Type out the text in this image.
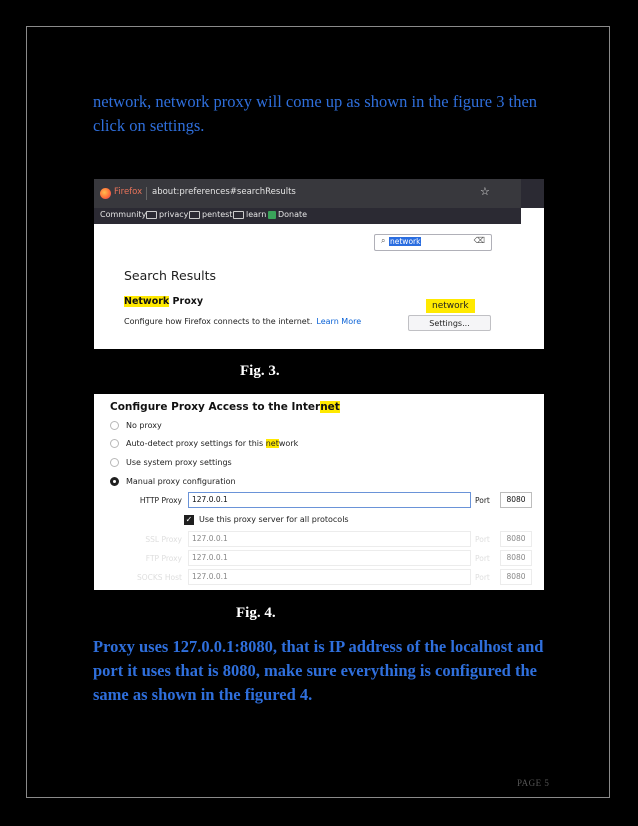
network, network proxy will come up as shown in the figure 3 then click on settings.

Firefox about:preferences#searchResults	☆
Community	privacy	pentest	learn	Donate
⌕ network	⌫
Search Results
Network Proxy
Configure how Firefox connects to the internet. Learn More
network
Settings...
Fig. 3.
Configure Proxy Access to the Internet
No proxy
Auto-detect proxy settings for this network
Use system proxy settings
Manual proxy configuration
HTTP Proxy	127.0.0.1	Port	8080
✓ Use this proxy server for all protocols
SSL Proxy	127.0.0.1	Port	8080
FTP Proxy	127.0.0.1	Port	8080
SOCKS Host	127.0.0.1	Port	8080
Fig. 4.

Proxy uses 127.0.0.1:8080, that is IP address of the localhost and port it uses that is 8080, make sure everything is configured the same as shown in the figured 4.

PAGE 5
